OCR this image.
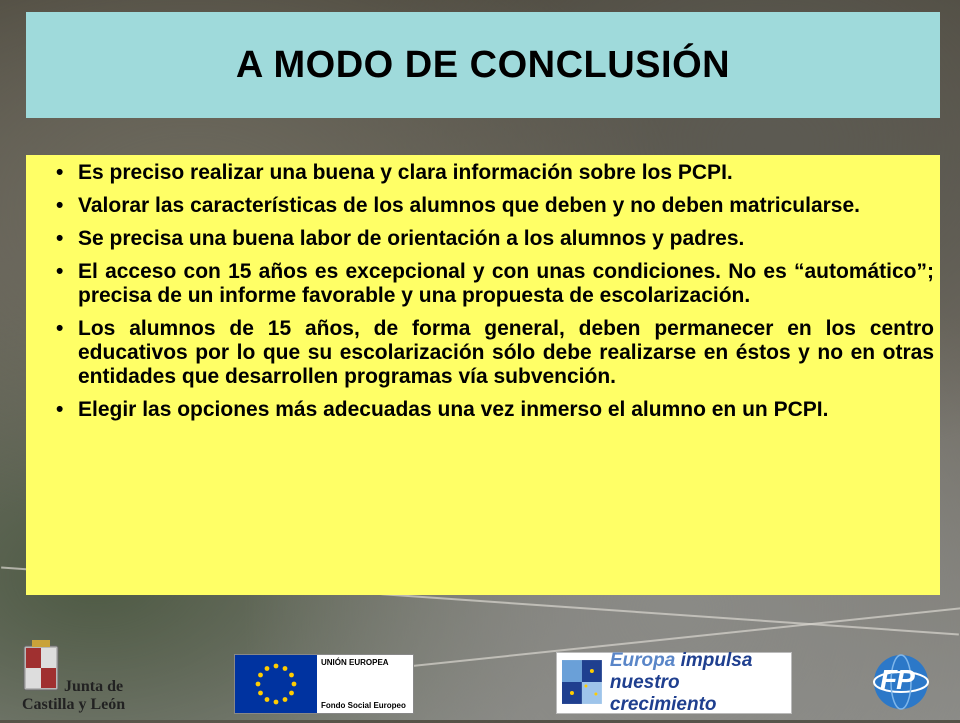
A MODO DE CONCLUSIÓN
• Es preciso realizar una buena y clara información sobre los PCPI.
• Valorar las características de los alumnos que deben y no deben matricularse.
• Se precisa una buena labor de orientación a los alumnos y padres.
• El acceso con 15 años es excepcional y con unas condiciones. No es “automático”; precisa de un informe favorable y una propuesta de escolarización.
• Los alumnos de 15 años, de forma general, deben permanecer en los centro educativos por lo que su escolarización sólo debe realizarse en éstos y no en otras entidades que desarrollen programas vía subvención.
• Elegir las opciones más adecuadas una vez inmerso el alumno en un PCPI.
Junta de
Castilla y León
UNIÓN EUROPEA
Fondo Social Europeo
Europa impulsa
nuestro crecimiento
FP
